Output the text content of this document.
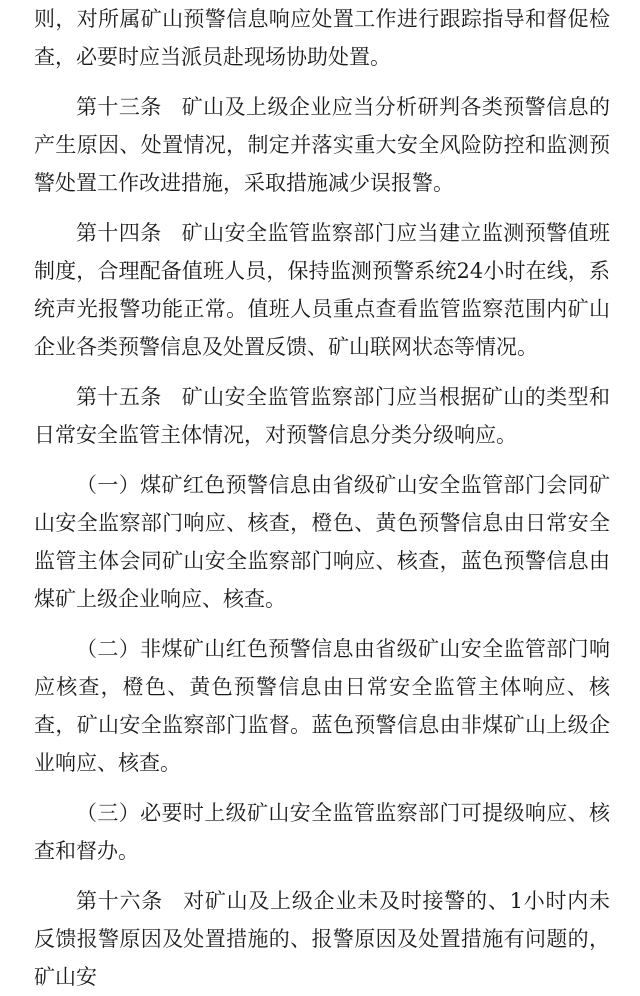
则，对所属矿山预警信息响应处置工作进行跟踪指导和督促检查，必要时应当派员赴现场协助处置。

第十三条 矿山及上级企业应当分析研判各类预警信息的产生原因、处置情况，制定并落实重大安全风险防控和监测预警处置工作改进措施，采取措施减少误报警。

第十四条 矿山安全监管监察部门应当建立监测预警值班制度，合理配备值班人员，保持监测预警系统24小时在线，系统声光报警功能正常。值班人员重点查看监管监察范围内矿山企业各类预警信息及处置反馈、矿山联网状态等情况。

第十五条 矿山安全监管监察部门应当根据矿山的类型和日常安全监管主体情况，对预警信息分类分级响应。

（一）煤矿红色预警信息由省级矿山安全监管部门会同矿山安全监察部门响应、核查，橙色、黄色预警信息由日常安全监管主体会同矿山安全监察部门响应、核查，蓝色预警信息由煤矿上级企业响应、核查。

（二）非煤矿山红色预警信息由省级矿山安全监管部门响应核查，橙色、黄色预警信息由日常安全监管主体响应、核查，矿山安全监察部门监督。蓝色预警信息由非煤矿山上级企业响应、核查。

（三）必要时上级矿山安全监管监察部门可提级响应、核查和督办。

第十六条 对矿山及上级企业未及时接警的、1小时内未反馈报警原因及处置措施的、报警原因及处置措施有问题的，矿山安
